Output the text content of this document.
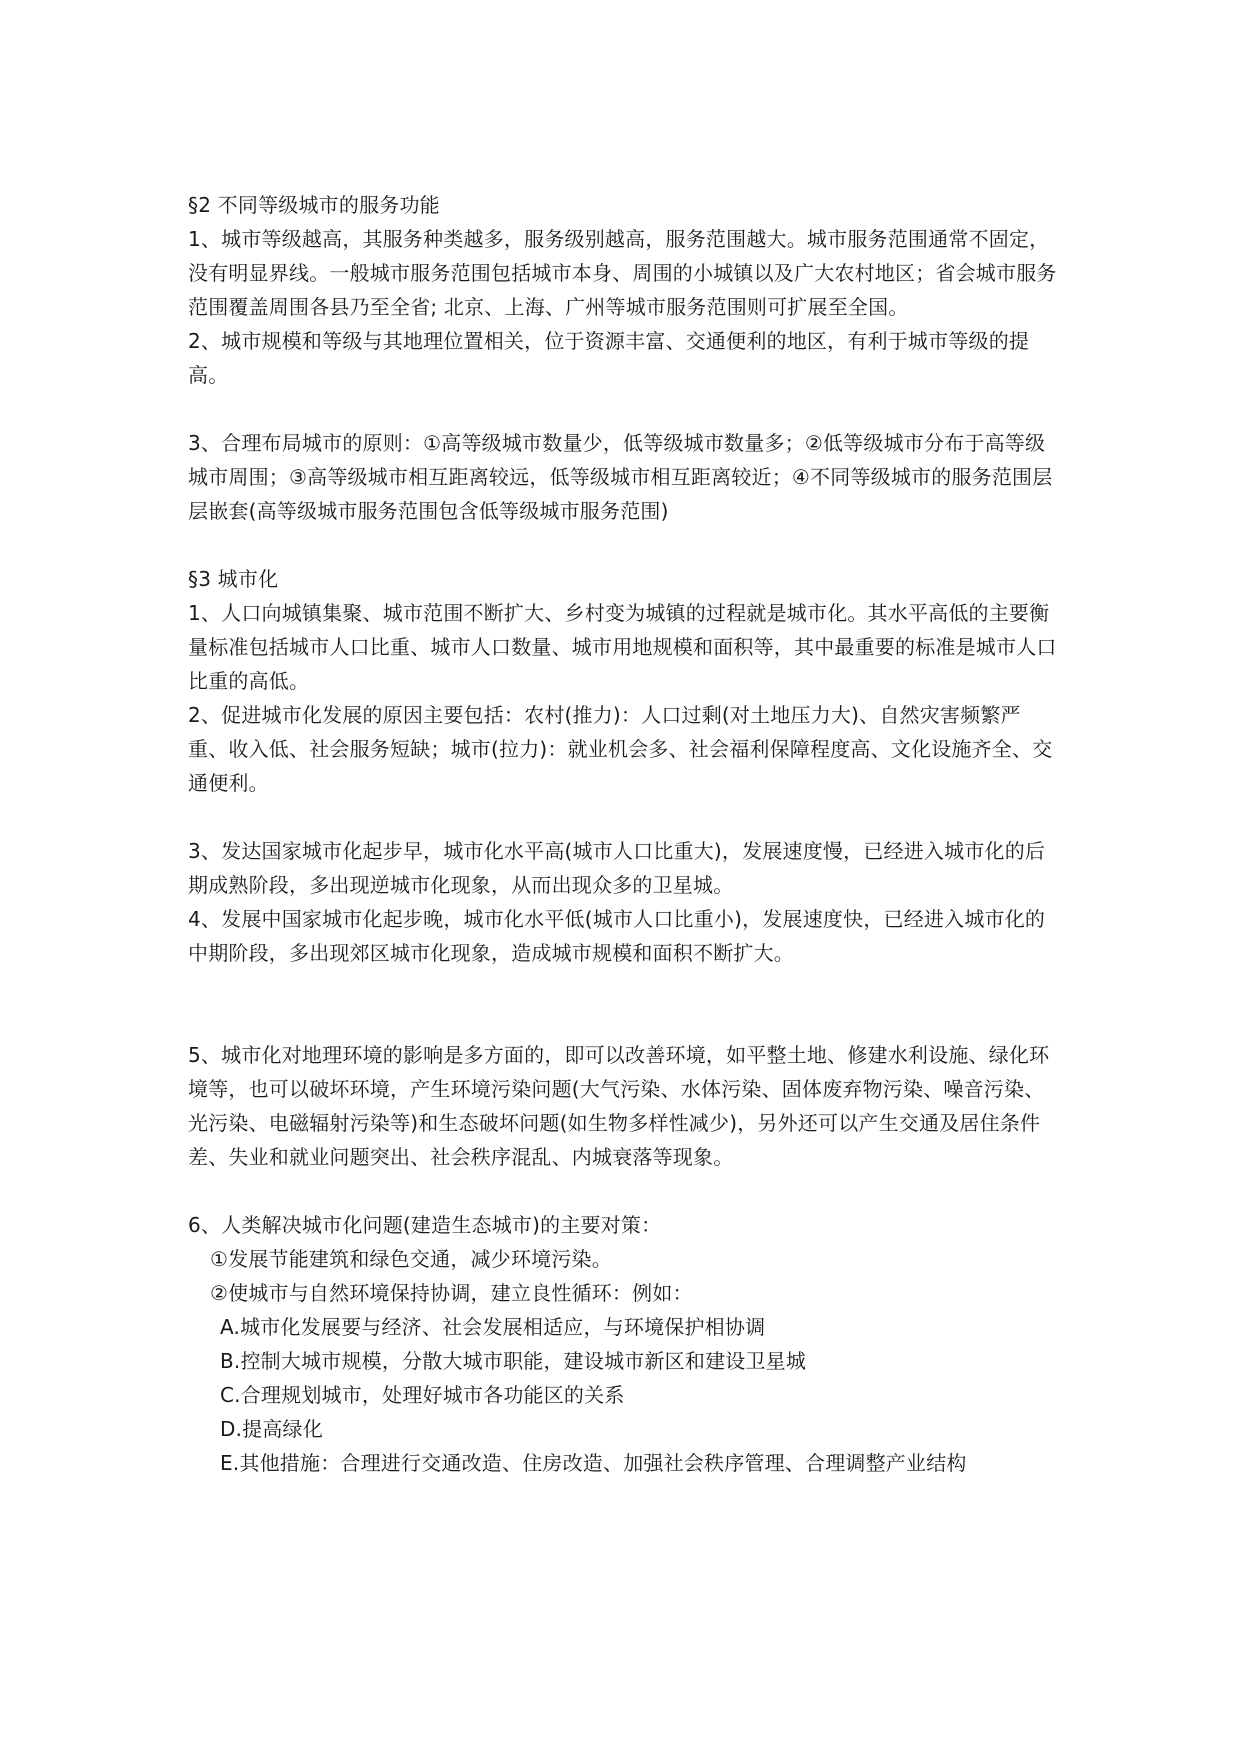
§2 不同等级城市的服务功能

1、城市等级越高，其服务种类越多，服务级别越高，服务范围越大。城市服务范围通常不固定，没有明显界线。一般城市服务范围包括城市本身、周围的小城镇以及广大农村地区；省会城市服务范围覆盖周围各县乃至全省; 北京、上海、广州等城市服务范围则可扩展至全国。

2、城市规模和等级与其地理位置相关，位于资源丰富、交通便利的地区，有利于城市等级的提高。

3、合理布局城市的原则：①高等级城市数量少，低等级城市数量多；②低等级城市分布于高等级城市周围；③高等级城市相互距离较远，低等级城市相互距离较近；④不同等级城市的服务范围层层嵌套(高等级城市服务范围包含低等级城市服务范围)

§3 城市化

1、人口向城镇集聚、城市范围不断扩大、乡村变为城镇的过程就是城市化。其水平高低的主要衡量标准包括城市人口比重、城市人口数量、城市用地规模和面积等，其中最重要的标准是城市人口比重的高低。

2、促进城市化发展的原因主要包括：农村(推力)：人口过剩(对土地压力大)、自然灾害频繁严重、收入低、社会服务短缺；城市(拉力)：就业机会多、社会福利保障程度高、文化设施齐全、交通便利。

3、发达国家城市化起步早，城市化水平高(城市人口比重大)，发展速度慢，已经进入城市化的后期成熟阶段，多出现逆城市化现象，从而出现众多的卫星城。

4、发展中国家城市化起步晚，城市化水平低(城市人口比重小)，发展速度快，已经进入城市化的中期阶段，多出现郊区城市化现象，造成城市规模和面积不断扩大。

5、城市化对地理环境的影响是多方面的，即可以改善环境，如平整土地、修建水利设施、绿化环境等，也可以破坏环境，产生环境污染问题(大气污染、水体污染、固体废弃物污染、噪音污染、光污染、电磁辐射污染等)和生态破坏问题(如生物多样性减少)，另外还可以产生交通及居住条件差、失业和就业问题突出、社会秩序混乱、内城衰落等现象。

6、人类解决城市化问题(建造生态城市)的主要对策：

①发展节能建筑和绿色交通，减少环境污染。

②使城市与自然环境保持协调，建立良性循环：例如：

A.城市化发展要与经济、社会发展相适应，与环境保护相协调

B.控制大城市规模，分散大城市职能，建设城市新区和建设卫星城

C.合理规划城市，处理好城市各功能区的关系

D.提高绿化

E.其他措施：合理进行交通改造、住房改造、加强社会秩序管理、合理调整产业结构
